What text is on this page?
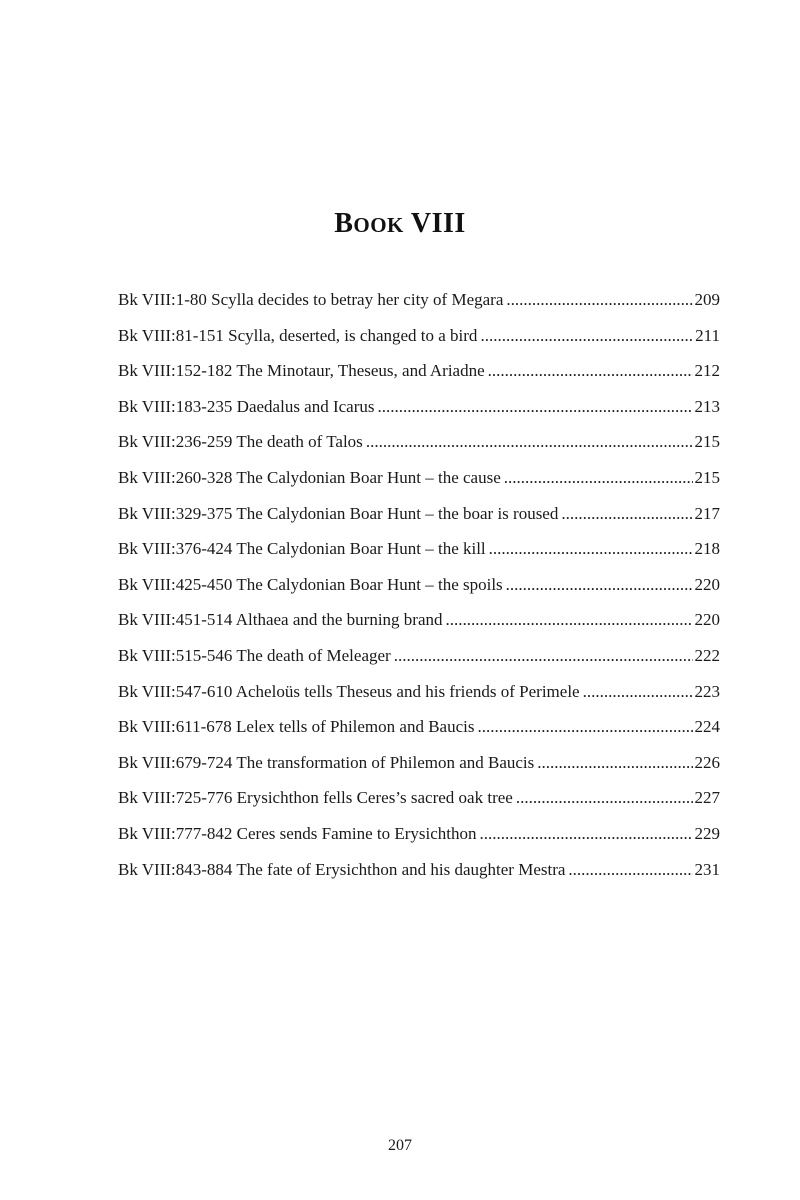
BOOK VIII
Bk VIII:1-80 Scylla decides to betray her city of Megara .....	209
Bk VIII:81-151 Scylla, deserted, is changed to a bird .....	211
Bk VIII:152-182 The Minotaur, Theseus, and Ariadne .....	212
Bk VIII:183-235 Daedalus and Icarus .....	213
Bk VIII:236-259 The death of Talos .....	215
Bk VIII:260-328 The Calydonian Boar Hunt – the cause .....	215
Bk VIII:329-375 The Calydonian Boar Hunt – the boar is roused .....	217
Bk VIII:376-424 The Calydonian Boar Hunt – the kill .....	218
Bk VIII:425-450 The Calydonian Boar Hunt – the spoils .....	220
Bk VIII:451-514 Althaea and the burning brand .....	220
Bk VIII:515-546 The death of Meleager .....	222
Bk VIII:547-610 Acheloüs tells Theseus and his friends of Perimele .....	223
Bk VIII:611-678 Lelex tells of Philemon and Baucis .....	224
Bk VIII:679-724 The transformation of Philemon and Baucis .....	226
Bk VIII:725-776 Erysichthon fells Ceres’s sacred oak tree .....	227
Bk VIII:777-842 Ceres sends Famine to Erysichthon .....	229
Bk VIII:843-884 The fate of Erysichthon and his daughter Mestra .....	231
207
